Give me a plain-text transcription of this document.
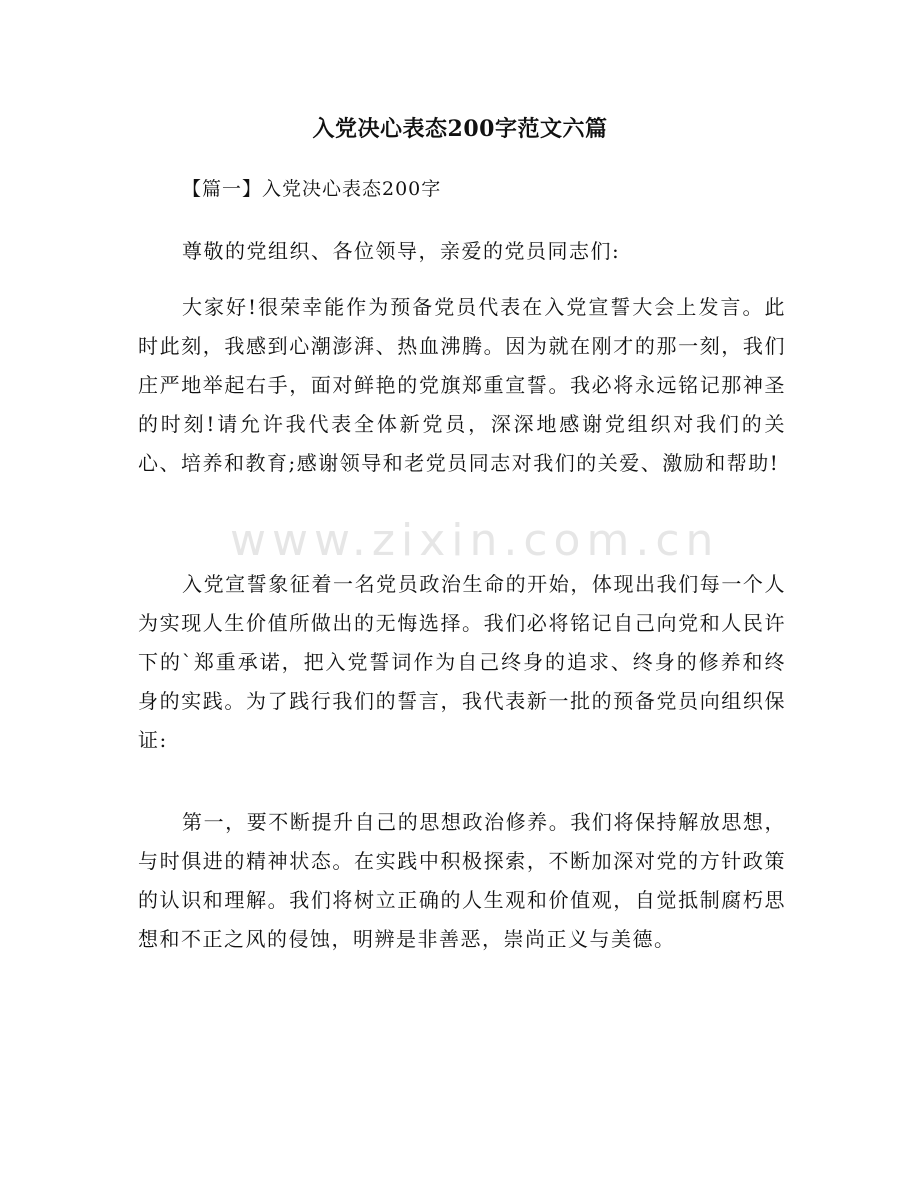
www.zixin.com.cn
入党决心表态200字范文六篇
【篇一】入党决心表态200字

尊敬的党组织、各位领导，亲爱的党员同志们:

大家好!很荣幸能作为预备党员代表在入党宣誓大会上发言。此时此刻，我感到心潮澎湃、热血沸腾。因为就在刚才的那一刻，我们庄严地举起右手，面对鲜艳的党旗郑重宣誓。我必将永远铭记那神圣的时刻!请允许我代表全体新党员，深深地感谢党组织对我们的关心、培养和教育;感谢领导和老党员同志对我们的关爱、激励和帮助!

入党宣誓象征着一名党员政治生命的开始，体现出我们每一个人为实现人生价值所做出的无悔选择。我们必将铭记自己向党和人民许下的`郑重承诺，把入党誓词作为自己终身的追求、终身的修养和终身的实践。为了践行我们的誓言，我代表新一批的预备党员向组织保证:

第一，要不断提升自己的思想政治修养。我们将保持解放思想，与时俱进的精神状态。在实践中积极探索，不断加深对党的方针政策的认识和理解。我们将树立正确的人生观和价值观，自觉抵制腐朽思想和不正之风的侵蚀，明辨是非善恶，崇尚正义与美德。
